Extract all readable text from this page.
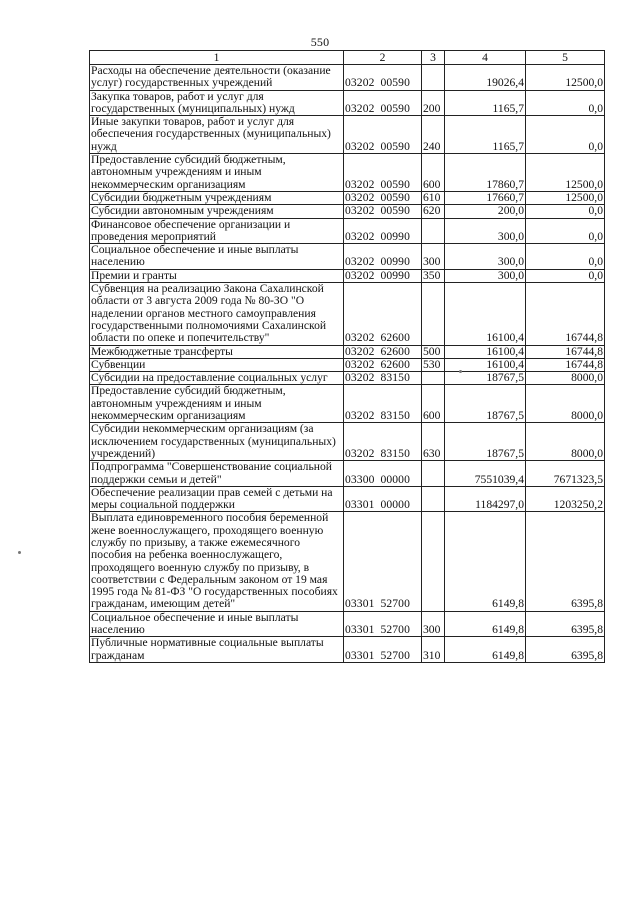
550
1	2	3	4	5
Расходы на обеспечение деятельности (оказание услуг) государственных учреждений	03202  00590		19026,4	12500,0
Закупка товаров, работ и услуг для государственных (муниципальных) нужд	03202  00590	200	1165,7	0,0
Иные закупки товаров, работ и услуг для обеспечения государственных (муниципальных) нужд	03202  00590	240	1165,7	0,0
Предоставление субсидий бюджетным, автономным учреждениям и иным некоммерческим организациям	03202  00590	600	17860,7	12500,0
Субсидии бюджетным учреждениям	03202  00590	610	17660,7	12500,0
Субсидии автономным учреждениям	03202  00590	620	200,0	0,0
Финансовое обеспечение организации и проведения мероприятий	03202  00990		300,0	0,0
Социальное обеспечение и иные выплаты населению	03202  00990	300	300,0	0,0
Премии и гранты	03202  00990	350	300,0	0,0
Субвенция на реализацию Закона Сахалинской области от 3 августа 2009 года № 80-ЗО "О наделении органов местного самоуправления государственными полномочиями Сахалинской области по опеке и попечительству"	03202  62600		16100,4	16744,8
Межбюджетные трансферты	03202  62600	500	16100,4	16744,8
Субвенции	03202  62600	530	16100,4	16744,8
Субсидии на предоставление социальных услуг	03202  83150		18767,5	8000,0
Предоставление субсидий бюджетным, автономным учреждениям и иным некоммерческим организациям	03202  83150	600	18767,5	8000,0
Субсидии некоммерческим организациям (за исключением государственных (муниципальных) учреждений)	03202  83150	630	18767,5	8000,0
Подпрограмма "Совершенствование социальной поддержки семьи и детей"	03300  00000		7551039,4	7671323,5
Обеспечение реализации прав семей с детьми на меры социальной поддержки	03301  00000		1184297,0	1203250,2
Выплата единовременного пособия беременной жене военнослужащего, проходящего военную службу по призыву, а также ежемесячного пособия на ребенка военнослужащего, проходящего военную службу по призыву, в соответствии с Федеральным законом от 19 мая 1995 года № 81-ФЗ "О государственных пособиях гражданам, имеющим детей"	03301  52700		6149,8	6395,8
Социальное обеспечение и иные выплаты населению	03301  52700	300	6149,8	6395,8
Публичные нормативные социальные выплаты гражданам	03301  52700	310	6149,8	6395,8
